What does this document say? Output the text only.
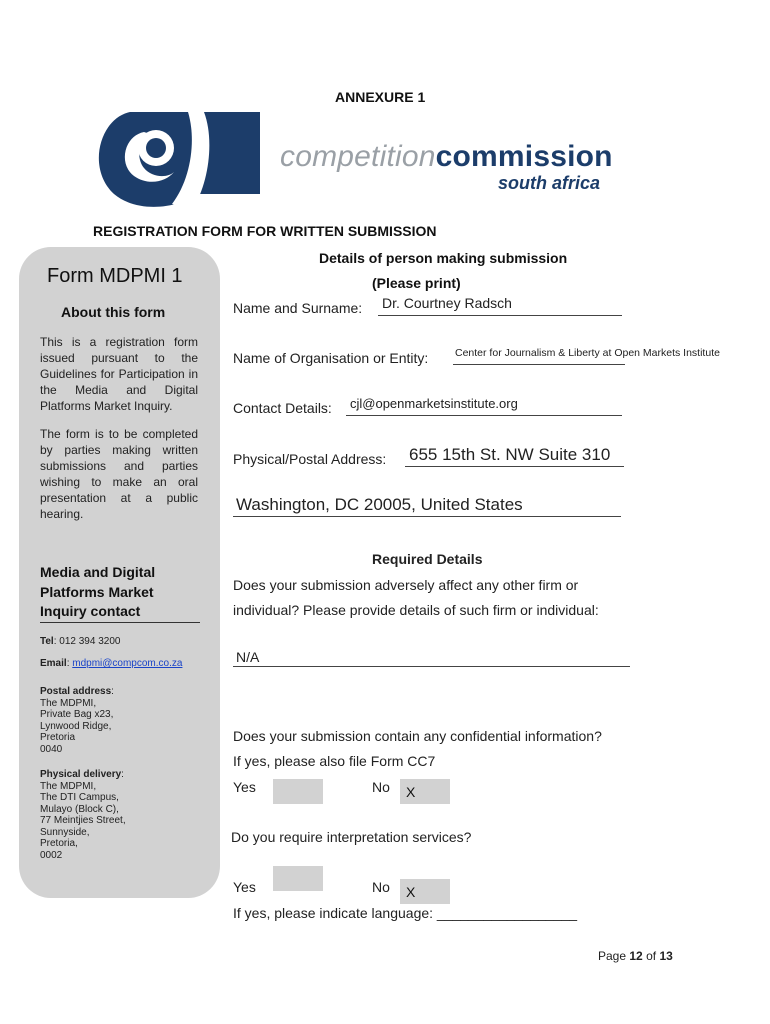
ANNEXURE 1
competitioncommission
south africa
REGISTRATION FORM FOR WRITTEN SUBMISSION
Form MDPMI 1
About this form
This is a registration form issued pursuant to the Guidelines for Participation in the Media and Digital Platforms Market Inquiry.
The form is to be completed by parties making written submissions and parties wishing to make an oral presentation at a public hearing.
Media and Digital Platforms Market Inquiry contact
Tel: 012 394 3200
Email: mdpmi@compcom.co.za
Postal address:
The MDPMI,
Private Bag x23,
Lynwood Ridge,
Pretoria
0040
Physical delivery:
The MDPMI,
The DTI Campus,
Mulayo (Block C),
77 Meintjies Street,
Sunnyside,
Pretoria,
0002
Details of person making submission
(Please print)
Name and Surname: Dr. Courtney Radsch
Name of Organisation or Entity:	Center for Journalism & Liberty at Open Markets Institute
Contact Details: cjl@openmarketsinstitute.org
Physical/Postal Address: 655 15th St. NW Suite 310
Washington, DC 20005, United States
Required Details
Does your submission adversely affect any other firm or
individual? Please provide details of such firm or individual:
N/A
Does your submission contain any confidential information?
If yes, please also file Form CC7
Yes	No	X
Do you require interpretation services?
Yes	No	X
If yes, please indicate language: __________________
Page 12 of 13
